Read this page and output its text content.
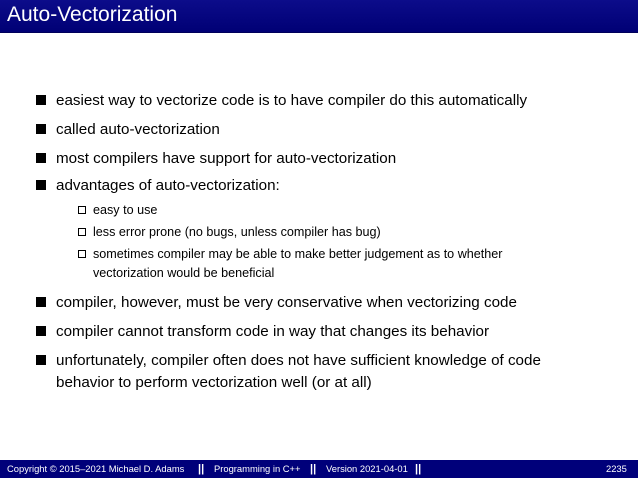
Auto-Vectorization
easiest way to vectorize code is to have compiler do this automatically
called auto-vectorization
most compilers have support for auto-vectorization
advantages of auto-vectorization:
easy to use
less error prone (no bugs, unless compiler has bug)
sometimes compiler may be able to make better judgement as to whether
vectorization would be beneficial
compiler, however, must be very conservative when vectorizing code
compiler cannot transform code in way that changes its behavior
unfortunately, compiler often does not have sufficient knowledge of code
behavior to perform vectorization well (or at all)
Copyright © 2015–2021 Michael D. Adams || Programming in C++ || Version 2021-04-01 ||	2235
